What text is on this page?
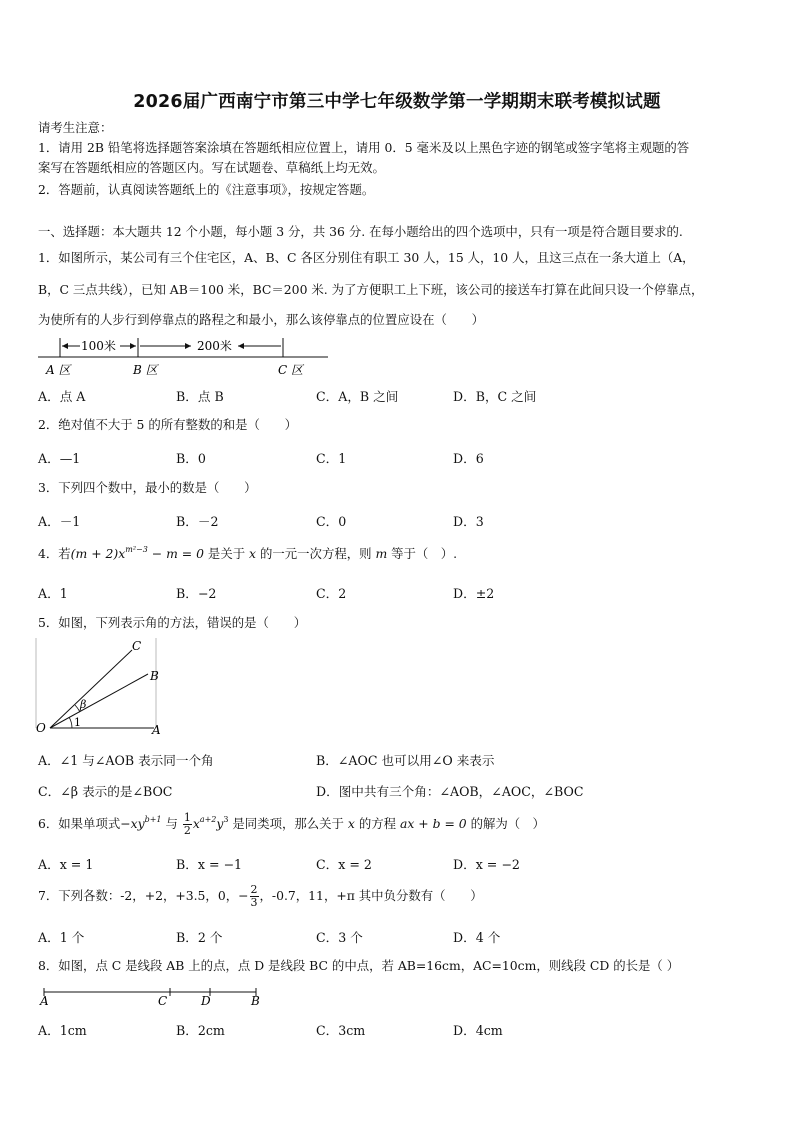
2026届广西南宁市第三中学七年级数学第一学期期末联考模拟试题
请考生注意：
1．请用 2B 铅笔将选择题答案涂填在答题纸相应位置上，请用 0．5 毫米及以上黑色字迹的钢笔或签字笔将主观题的答
案写在答题纸相应的答题区内。写在试题卷、草稿纸上均无效。
2．答题前，认真阅读答题纸上的《注意事项》，按规定答题。
一、选择题：本大题共 12 个小题，每小题 3 分，共 36 分. 在每小题给出的四个选项中，只有一项是符合题目要求的.
1．如图所示，某公司有三个住宅区，A、B、C 各区分别住有职工 30 人，15 人，10 人，且这三点在一条大道上（A，
B，C 三点共线），已知 AB＝100 米，BC＝200 米. 为了方便职工上下班，该公司的接送车打算在此间只设一个停靠点，
为使所有的人步行到停靠点的路程之和最小，那么该停靠点的位置应设在（　　）
100米	200米
A 区	B 区	C 区
A．点 A	B．点 B	C．A，B 之间	D．B，C 之间
2．绝对值不大于 5 的所有整数的和是（　　）
A．—1	B．0	C．1	D．6
3．下列四个数中，最小的数是（　　）
A．－1	B．－2	C．0	D．3
4．若$(m + 2)x^{m^2-3} - m = 0$ 是关于 x 的一元一次方程，则 m 等于（　）.
A．1	B．−2	C．2	D．±2
5．如图，下列表示角的方法，错误的是（　　）
O	A
B
C
β
1
A．∠1 与∠AOB 表示同一个角	B．∠AOC 也可以用∠O 来表示
C．∠β 表示的是∠BOC	D．图中共有三个角：∠AOB，∠AOC，∠BOC
6．如果单项式$-xy^{b+1}$ 与 $\frac{1}{2} x^{a+2}y^3$ 是同类项，那么关于 x 的方程 ax + b = 0 的解为（　）
A．x = 1	B．x = −1	C．x = 2	D．x = −2
7．下列各数：-2，+2，+3.5，0，− $\frac{2}{3}$ ，-0.7，11，+π 其中负分数有（　　）
A．1 个	B．2 个	C．3 个	D．4 个
8．如图，点 C 是线段 AB 上的点，点 D 是线段 BC 的中点，若 AB=16cm，AC=10cm，则线段 CD 的长是（ ）
A	C	D	B
A．1cm	B．2cm	C．3cm	D．4cm
